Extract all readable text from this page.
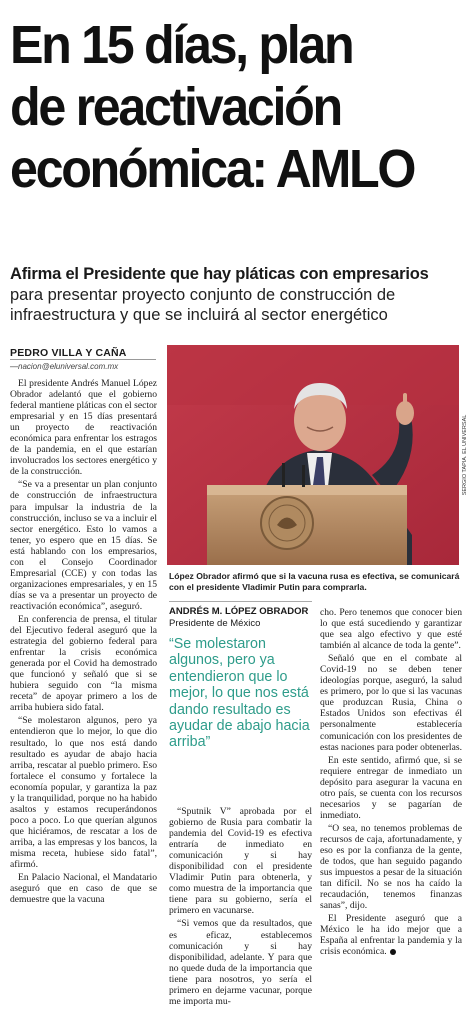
En 15 días, plan
de reactivación
económica: AMLO
Afirma el Presidente que hay pláticas con empresarios
para presentar proyecto conjunto de construcción de infraestructura y que se incluirá al sector energético
PEDRO VILLA Y CAÑA
—nacion@eluniversal.com.mx

El presidente Andrés Manuel López Obrador adelantó que el gobierno federal mantiene pláticas con el sector empresarial y en 15 días presentará un proyecto de reactivación económica para enfrentar los estragos de la pandemia, en el que estarían involucrados los sectores energético y de la construcción.

“Se va a presentar un plan conjunto de construcción de infraestructura para impulsar la industria de la construcción, incluso se va a incluir el sector energético. Esto lo vamos a tener, yo espero que en 15 días. Se está hablando con los empresarios, con el Consejo Coordinador Empresarial (CCE) y con todas las organizaciones empresariales, y en 15 días se va a presentar un proyecto de reactivación económica”, aseguró.

En conferencia de prensa, el titular del Ejecutivo federal aseguró que la estrategia del gobierno federal para enfrentar la crisis económica generada por el Covid ha demostrado que funcionó y señaló que si se hubiera seguido con “la misma receta” de apoyar primero a los de arriba hubiera sido fatal.

“Se molestaron algunos, pero ya entendieron que lo mejor, lo que dio resultado, lo que nos está dando resultado es ayudar de abajo hacia arriba, rescatar al pueblo primero. Eso fortalece el consumo y fortalece la economía popular, y garantiza la paz y la tranquilidad, porque no ha habido asaltos y estamos recuperándonos poco a poco. Lo que querían algunos que hiciéramos, de rescatar a los de arriba, a las empresas y los bancos, la misma receta, hubiese sido fatal”, afirmó.

En Palacio Nacional, el Mandatario aseguró que en caso de que se demuestre que la vacuna

SERGIO TAPIA. EL UNIVERSAL
López Obrador afirmó que si la vacuna rusa es efectiva, se comunicará con el presidente Vladimir Putin para comprarla.
ANDRÉS M. LÓPEZ OBRADOR
Presidente de México
“Se molestaron algunos, pero ya entendieron que lo mejor, lo que nos está dando resultado es ayudar de abajo hacia arriba”

“Sputnik V” aprobada por el gobierno de Rusia para combatir la pandemia del Covid-19 es efectiva entraría de inmediato en comunicación y si hay disponibilidad con el presidente Vladimir Putin para obtenerla, y como muestra de la importancia que tiene para su gobierno, sería el primero en vacunarse.

“Si vemos que da resultados, que es eficaz, establecemos comunicación y si hay disponibilidad, adelante. Y para que no quede duda de la importancia que tiene para nosotros, yo sería el primero en dejarme vacunar, porque me importa mu-

cho. Pero tenemos que conocer bien lo que está sucediendo y garantizar que sea algo efectivo y que esté también al alcance de toda la gente”.

Señaló que en el combate al Covid-19 no se deben tener ideologías porque, aseguró, la salud es primero, por lo que si las vacunas que produzcan Rusia, China o Estados Unidos son efectivas él personalmente establecería comunicación con los presidentes de estas naciones para poder obtenerlas.

En este sentido, afirmó que, si se requiere entregar de inmediato un depósito para asegurar la vacuna en otro país, se cuenta con los recursos necesarios y se pagarían de inmediato.

“O sea, no tenemos problemas de recursos de caja, afortunadamente, y eso es por la confianza de la gente, de todos, que han seguido pagando sus impuestos a pesar de la situación tan difícil. No se nos ha caído la recaudación, tenemos finanzas sanas”, dijo.

El Presidente aseguró que a México le ha ido mejor que a España al enfrentar la pandemia y la crisis económica.
